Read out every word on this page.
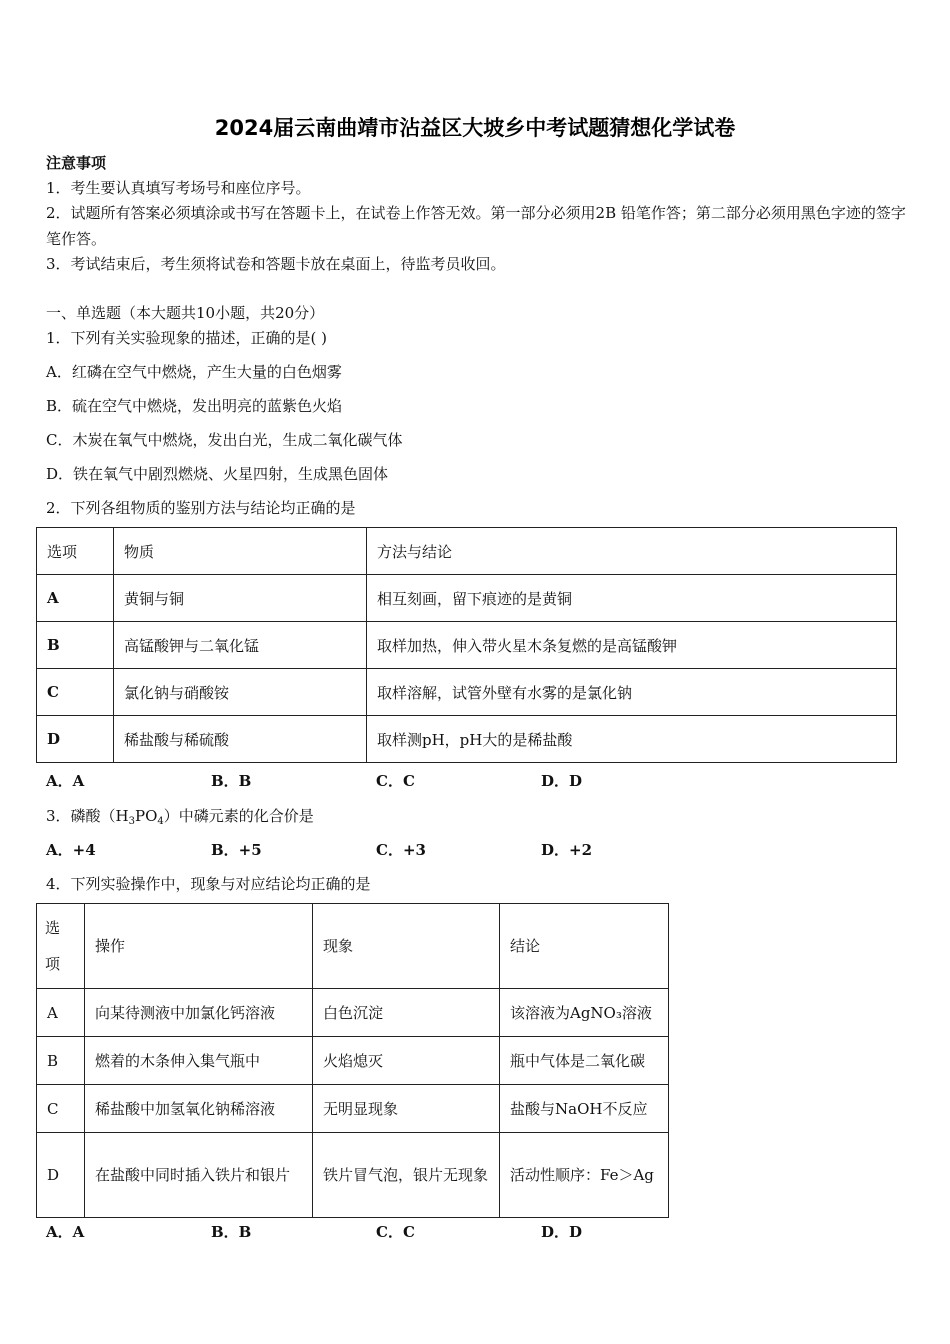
2024届云南曲靖市沾益区大坡乡中考试题猜想化学试卷
注意事项
1．考生要认真填写考场号和座位序号。
2．试题所有答案必须填涂或书写在答题卡上，在试卷上作答无效。第一部分必须用2B 铅笔作答；第二部分必须用黑色字迹的签字笔作答。
3．考试结束后，考生须将试卷和答题卡放在桌面上，待监考员收回。
一、单选题（本大题共10小题，共20分）
1．下列有关实验现象的描述，正确的是( )
A．红磷在空气中燃烧，产生大量的白色烟雾
B．硫在空气中燃烧，发出明亮的蓝紫色火焰
C．木炭在氧气中燃烧，发出白光，生成二氧化碳气体
D．铁在氧气中剧烈燃烧、火星四射，生成黑色固体
2．下列各组物质的鉴别方法与结论均正确的是
选项	物质	方法与结论
A	黄铜与铜	相互刻画，留下痕迹的是黄铜
B	高锰酸钾与二氧化锰	取样加热，伸入带火星木条复燃的是高锰酸钾
C	氯化钠与硝酸铵	取样溶解，试管外壁有水雾的是氯化钠
D	稀盐酸与稀硫酸	取样测pH，pH大的是稀盐酸
A．A	B．B	C．C	D．D
3．磷酸$(H_3PO_4)$中磷元素的化合价是
A．+4	B．+5	C．+3	D．+2
4．下列实验操作中，现象与对应结论均正确的是
选项	操作	现象	结论
A	向某待测液中加氯化钙溶液	白色沉淀	该溶液为AgNO₃溶液
B	燃着的木条伸入集气瓶中	火焰熄灭	瓶中气体是二氧化碳
C	稀盐酸中加氢氧化钠稀溶液	无明显现象	盐酸与NaOH不反应
D	在盐酸中同时插入铁片和银片	铁片冒气泡，银片无现象	活动性顺序：Fe＞Ag
A．A	B．B	C．C	D．D
